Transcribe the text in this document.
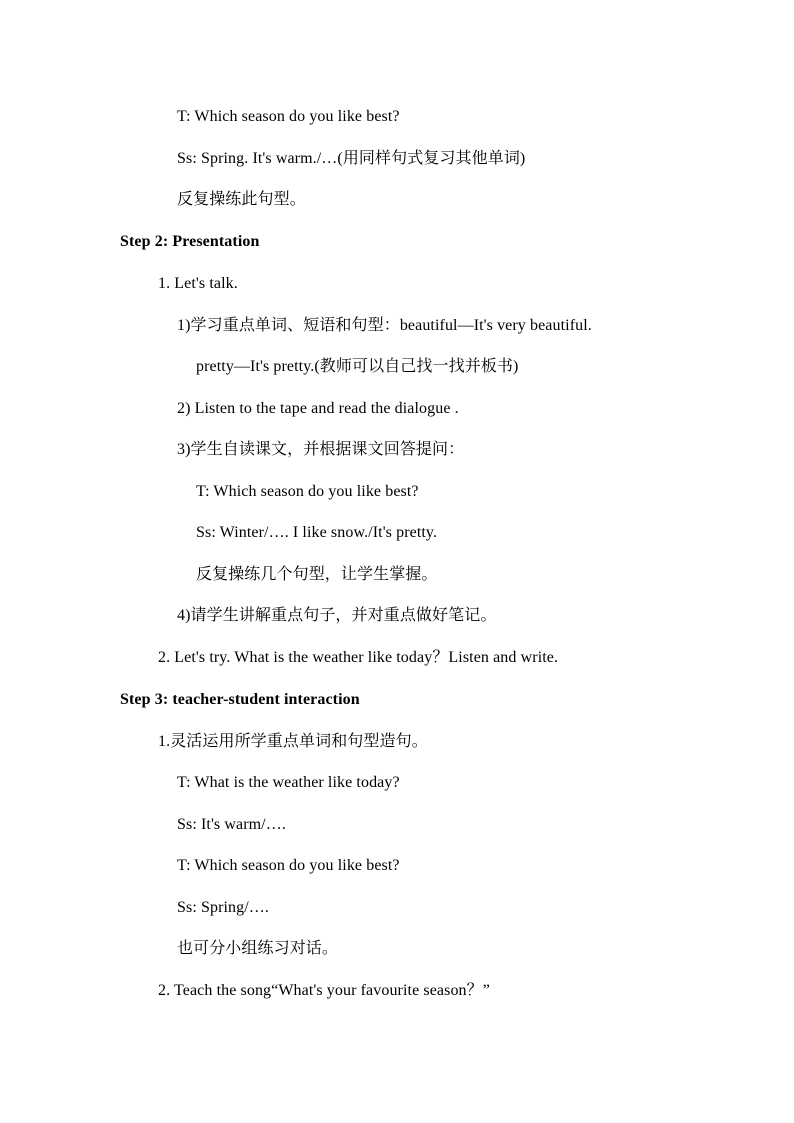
T: Which season do you like best?
Ss: Spring. It's warm./…(用同样句式复习其他单词)
反复操练此句型。
Step 2: Presentation
1. Let's talk.
1)学习重点单词、短语和句型：beautiful—It's very beautiful.
pretty—It's pretty.(教师可以自己找一找并板书)
2) Listen to the tape and read the dialogue .
3)学生自读课文，并根据课文回答提问：
T: Which season do you like best?
Ss: Winter/…. I like snow./It's pretty.
反复操练几个句型，让学生掌握。
4)请学生讲解重点句子，并对重点做好笔记。
2. Let's try. What is the weather like today？Listen and write.
Step 3: teacher-student interaction
1.灵活运用所学重点单词和句型造句。
T: What is the weather like today?
Ss: It's warm/….
T: Which season do you like best?
Ss: Spring/….
也可分小组练习对话。
2. Teach the song“What's your favourite season？”
